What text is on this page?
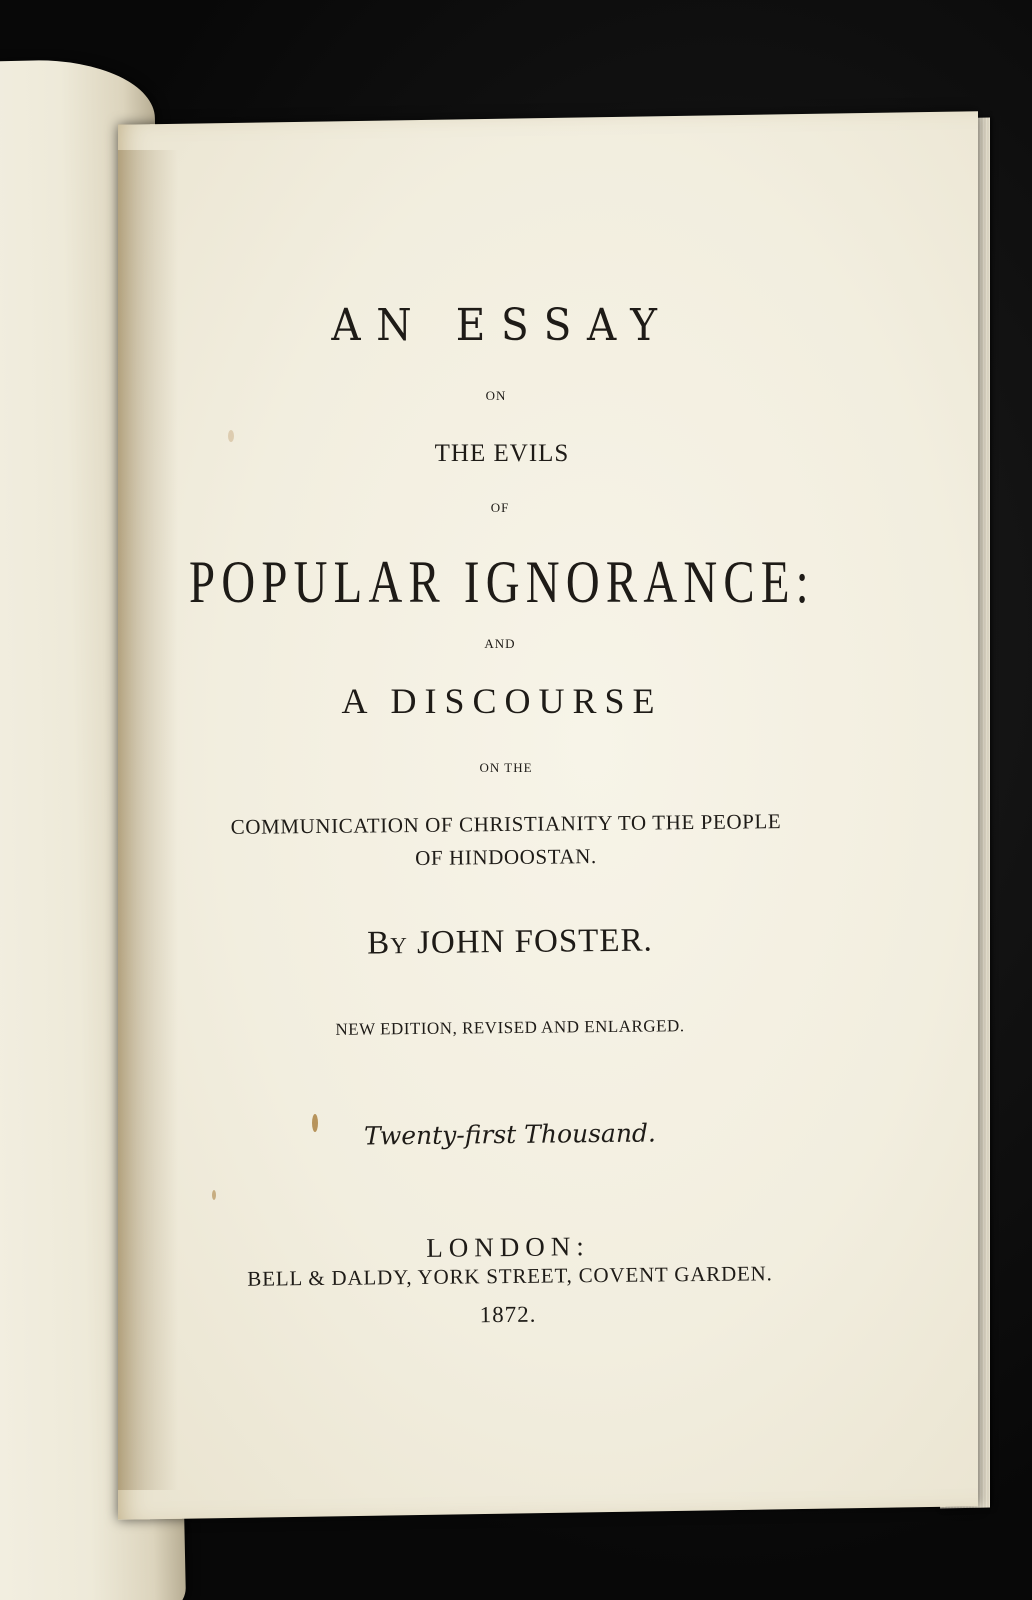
AN ESSAY
ON
THE EVILS
OF
POPULAR IGNORANCE:
AND
A DISCOURSE
ON THE
COMMUNICATION OF CHRISTIANITY TO THE PEOPLE
OF HINDOOSTAN.
By JOHN FOSTER.
NEW EDITION, REVISED AND ENLARGED.
Twenty-first Thousand.
LONDON:
BELL & DALDY, YORK STREET, COVENT GARDEN.
1872.
